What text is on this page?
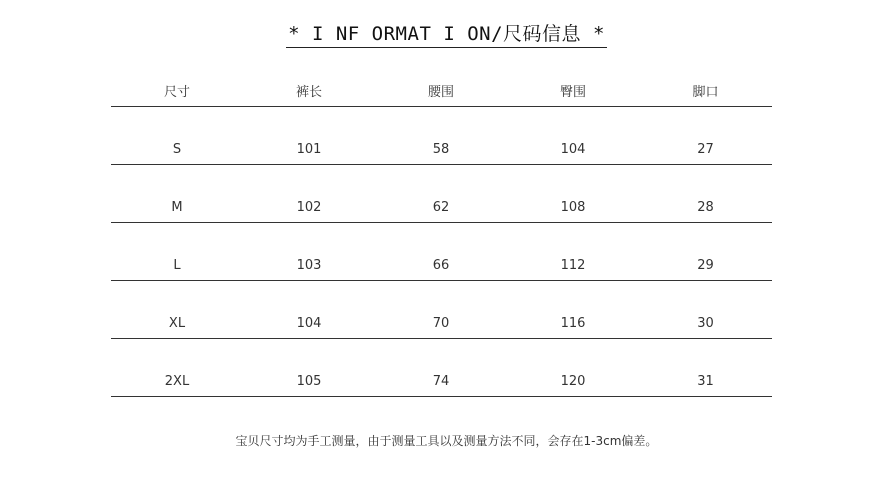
* I NF ORMAT I ON/尺码信息 *
尺寸	裤长	腰围	臀围	脚口
S	101	58	104	27
M	102	62	108	28
L	103	66	112	29
XL	104	70	116	30
2XL	105	74	120	31
宝贝尺寸均为手工测量，由于测量工具以及测量方法不同，会存在1-3cm偏差。
